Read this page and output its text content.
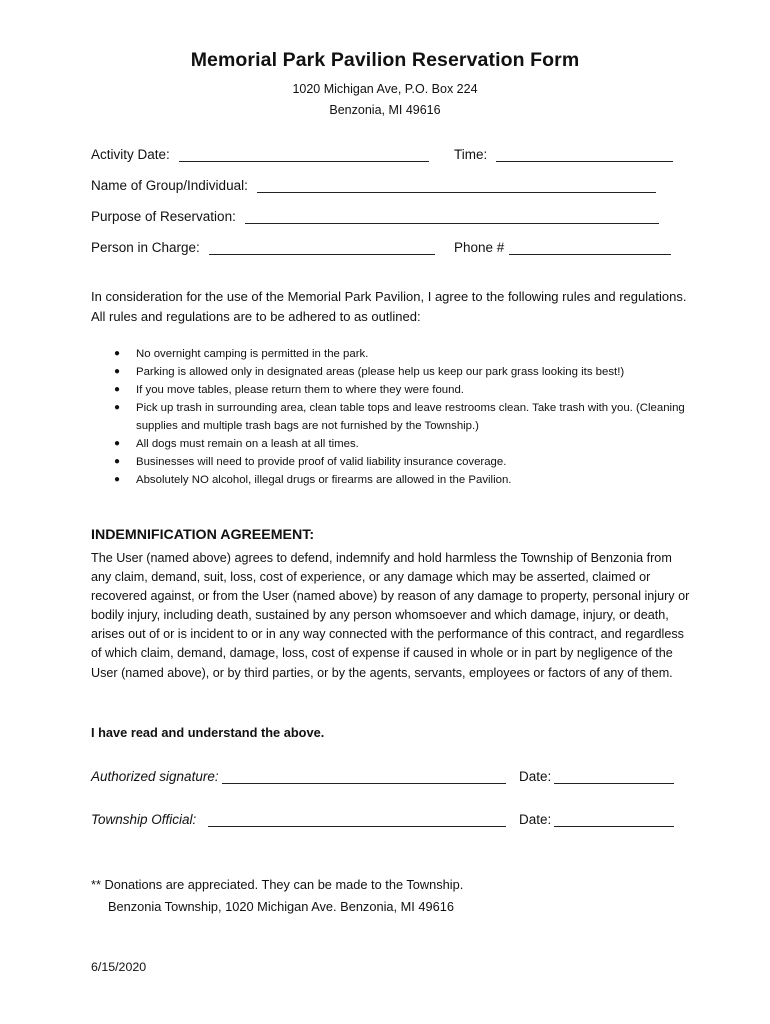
Memorial Park Pavilion Reservation Form
1020 Michigan Ave, P.O. Box 224
Benzonia, MI 49616
Activity Date:	Time:
Name of Group/Individual:
Purpose of Reservation:
Person in Charge:	Phone #
In consideration for the use of the Memorial Park Pavilion, I agree to the following rules and regulations. All rules and regulations are to be adhered to as outlined:
● No overnight camping is permitted in the park.
● Parking is allowed only in designated areas (please help us keep our park grass looking its best!)
● If you move tables, please return them to where they were found.
● Pick up trash in surrounding area, clean table tops and leave restrooms clean. Take trash with you. (Cleaning supplies and multiple trash bags are not furnished by the Township.)
● All dogs must remain on a leash at all times.
● Businesses will need to provide proof of valid liability insurance coverage.
● Absolutely NO alcohol, illegal drugs or firearms are allowed in the Pavilion.
INDEMNIFICATION AGREEMENT:
The User (named above) agrees to defend, indemnify and hold harmless the Township of Benzonia from any claim, demand, suit, loss, cost of experience, or any damage which may be asserted, claimed or recovered against, or from the User (named above) by reason of any damage to property, personal injury or bodily injury, including death, sustained by any person whomsoever and which damage, injury, or death, arises out of or is incident to or in any way connected with the performance of this contract, and regardless of which claim, demand, damage, loss, cost of expense if caused in whole or in part by negligence of the User (named above), or by third parties, or by the agents, servants, employees or factors of any of them.
I have read and understand the above.
Authorized signature:	Date:
Township Official:	Date:
** Donations are appreciated. They can be made to the Township.
Benzonia Township, 1020 Michigan Ave. Benzonia, MI 49616
6/15/2020
